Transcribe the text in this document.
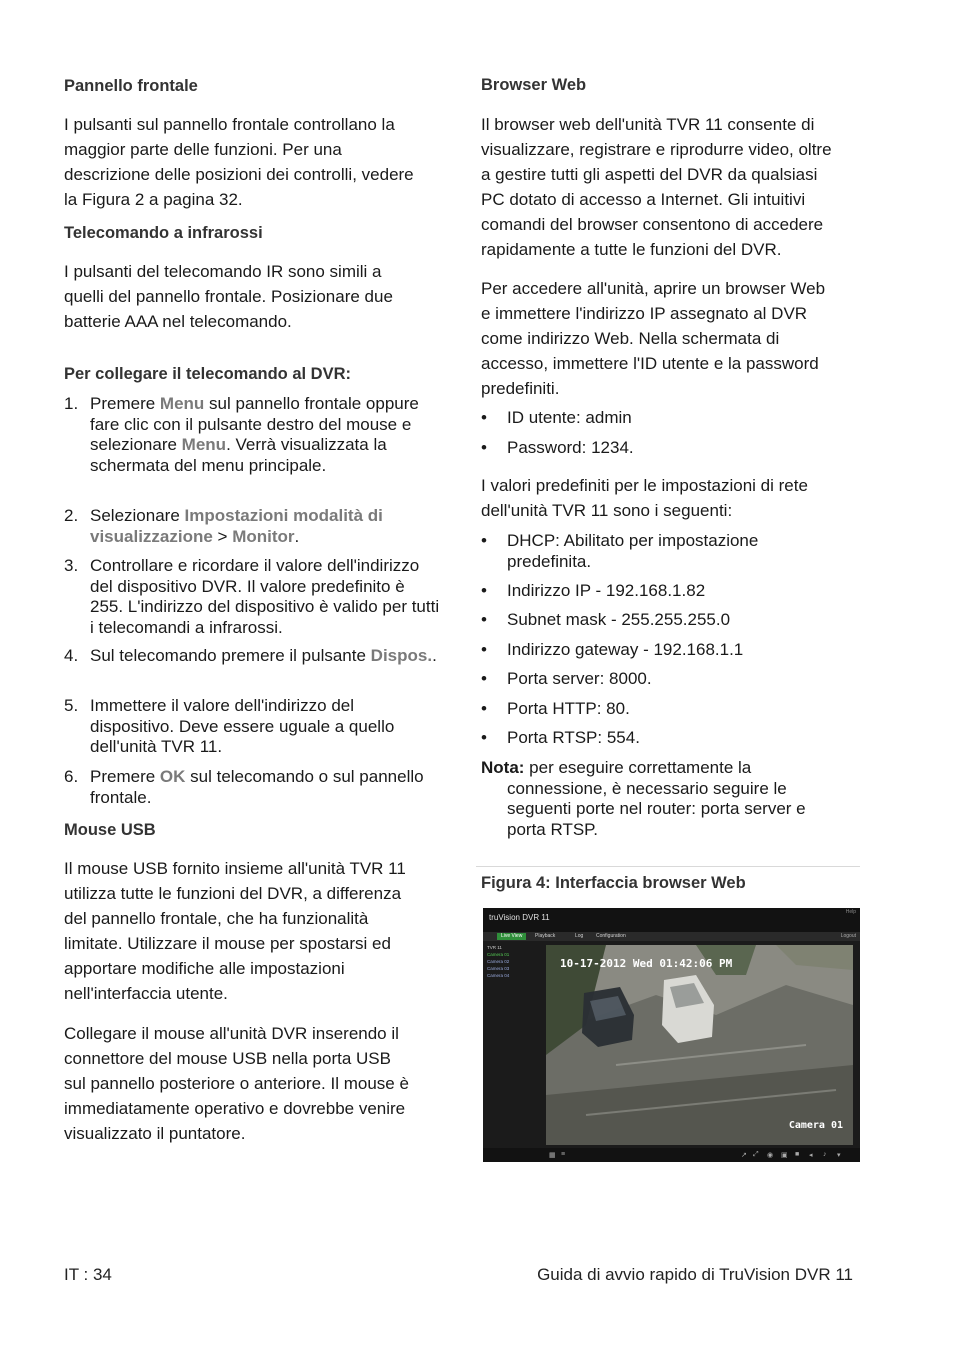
Pannello frontale
I pulsanti sul pannello frontale controllano la
maggior parte delle funzioni. Per una
descrizione delle posizioni dei controlli, vedere
la Figura 2 a pagina 32.
Telecomando a infrarossi
I pulsanti del telecomando IR sono simili a
quelli del pannello frontale. Posizionare due
batterie AAA nel telecomando.
Per collegare il telecomando al DVR:
1. Premere Menu sul pannello frontale oppure fare clic con il pulsante destro del mouse e selezionare Menu. Verrà visualizzata la schermata del menu principale.
2. Selezionare Impostazioni modalità di visualizzazione > Monitor.
3. Controllare e ricordare il valore dell'indirizzo del dispositivo DVR. Il valore predefinito è 255. L'indirizzo del dispositivo è valido per tutti i telecomandi a infrarossi.
4. Sul telecomando premere il pulsante Dispos..
5. Immettere il valore dell'indirizzo del dispositivo. Deve essere uguale a quello dell'unità TVR 11.
6. Premere OK sul telecomando o sul pannello frontale.
Mouse USB
Il mouse USB fornito insieme all'unità TVR 11
utilizza tutte le funzioni del DVR, a differenza
del pannello frontale, che ha funzionalità
limitate. Utilizzare il mouse per spostarsi ed
apportare modifiche alle impostazioni
nell'interfaccia utente.
Collegare il mouse all'unità DVR inserendo il
connettore del mouse USB nella porta USB
sul pannello posteriore o anteriore. Il mouse è
immediatamente operativo e dovrebbe venire
visualizzato il puntatore.
Browser Web
Il browser web dell'unità TVR 11 consente di
visualizzare, registrare e riprodurre video, oltre
a gestire tutti gli aspetti del DVR da qualsiasi
PC dotato di accesso a Internet. Gli intuitivi
comandi del browser consentono di accedere
rapidamente a tutte le funzioni del DVR.
Per accedere all'unità, aprire un browser Web
e immettere l'indirizzo IP assegnato al DVR
come indirizzo Web. Nella schermata di
accesso, immettere l'ID utente e la password
predefiniti.
• ID utente: admin
• Password: 1234.
I valori predefiniti per le impostazioni di rete
dell'unità TVR 11 sono i seguenti:
• DHCP: Abilitato per impostazione predefinita.
• Indirizzo IP - 192.168.1.82
• Subnet mask - 255.255.255.0
• Indirizzo gateway - 192.168.1.1
• Porta server: 8000.
• Porta HTTP: 80.
• Porta RTSP: 554.
Nota: per eseguire correttamente la
connessione, è necessario seguire le
seguenti porte nel router: porta server e
porta RTSP.
Figura 4: Interfaccia browser Web
truVision DVR 11
Help
Live View	Playback	Log	Configuration	Logout
TVR 11
Camera 01
Camera 02
Camera 03
Camera 04
10-17-2012 Wed 01:42:06 PM
Camera 01
▦ ≡	↗ ⤢ ◉ ▣ ■ ◂ ♪ ▾
IT : 34	Guida di avvio rapido di TruVision DVR 11
